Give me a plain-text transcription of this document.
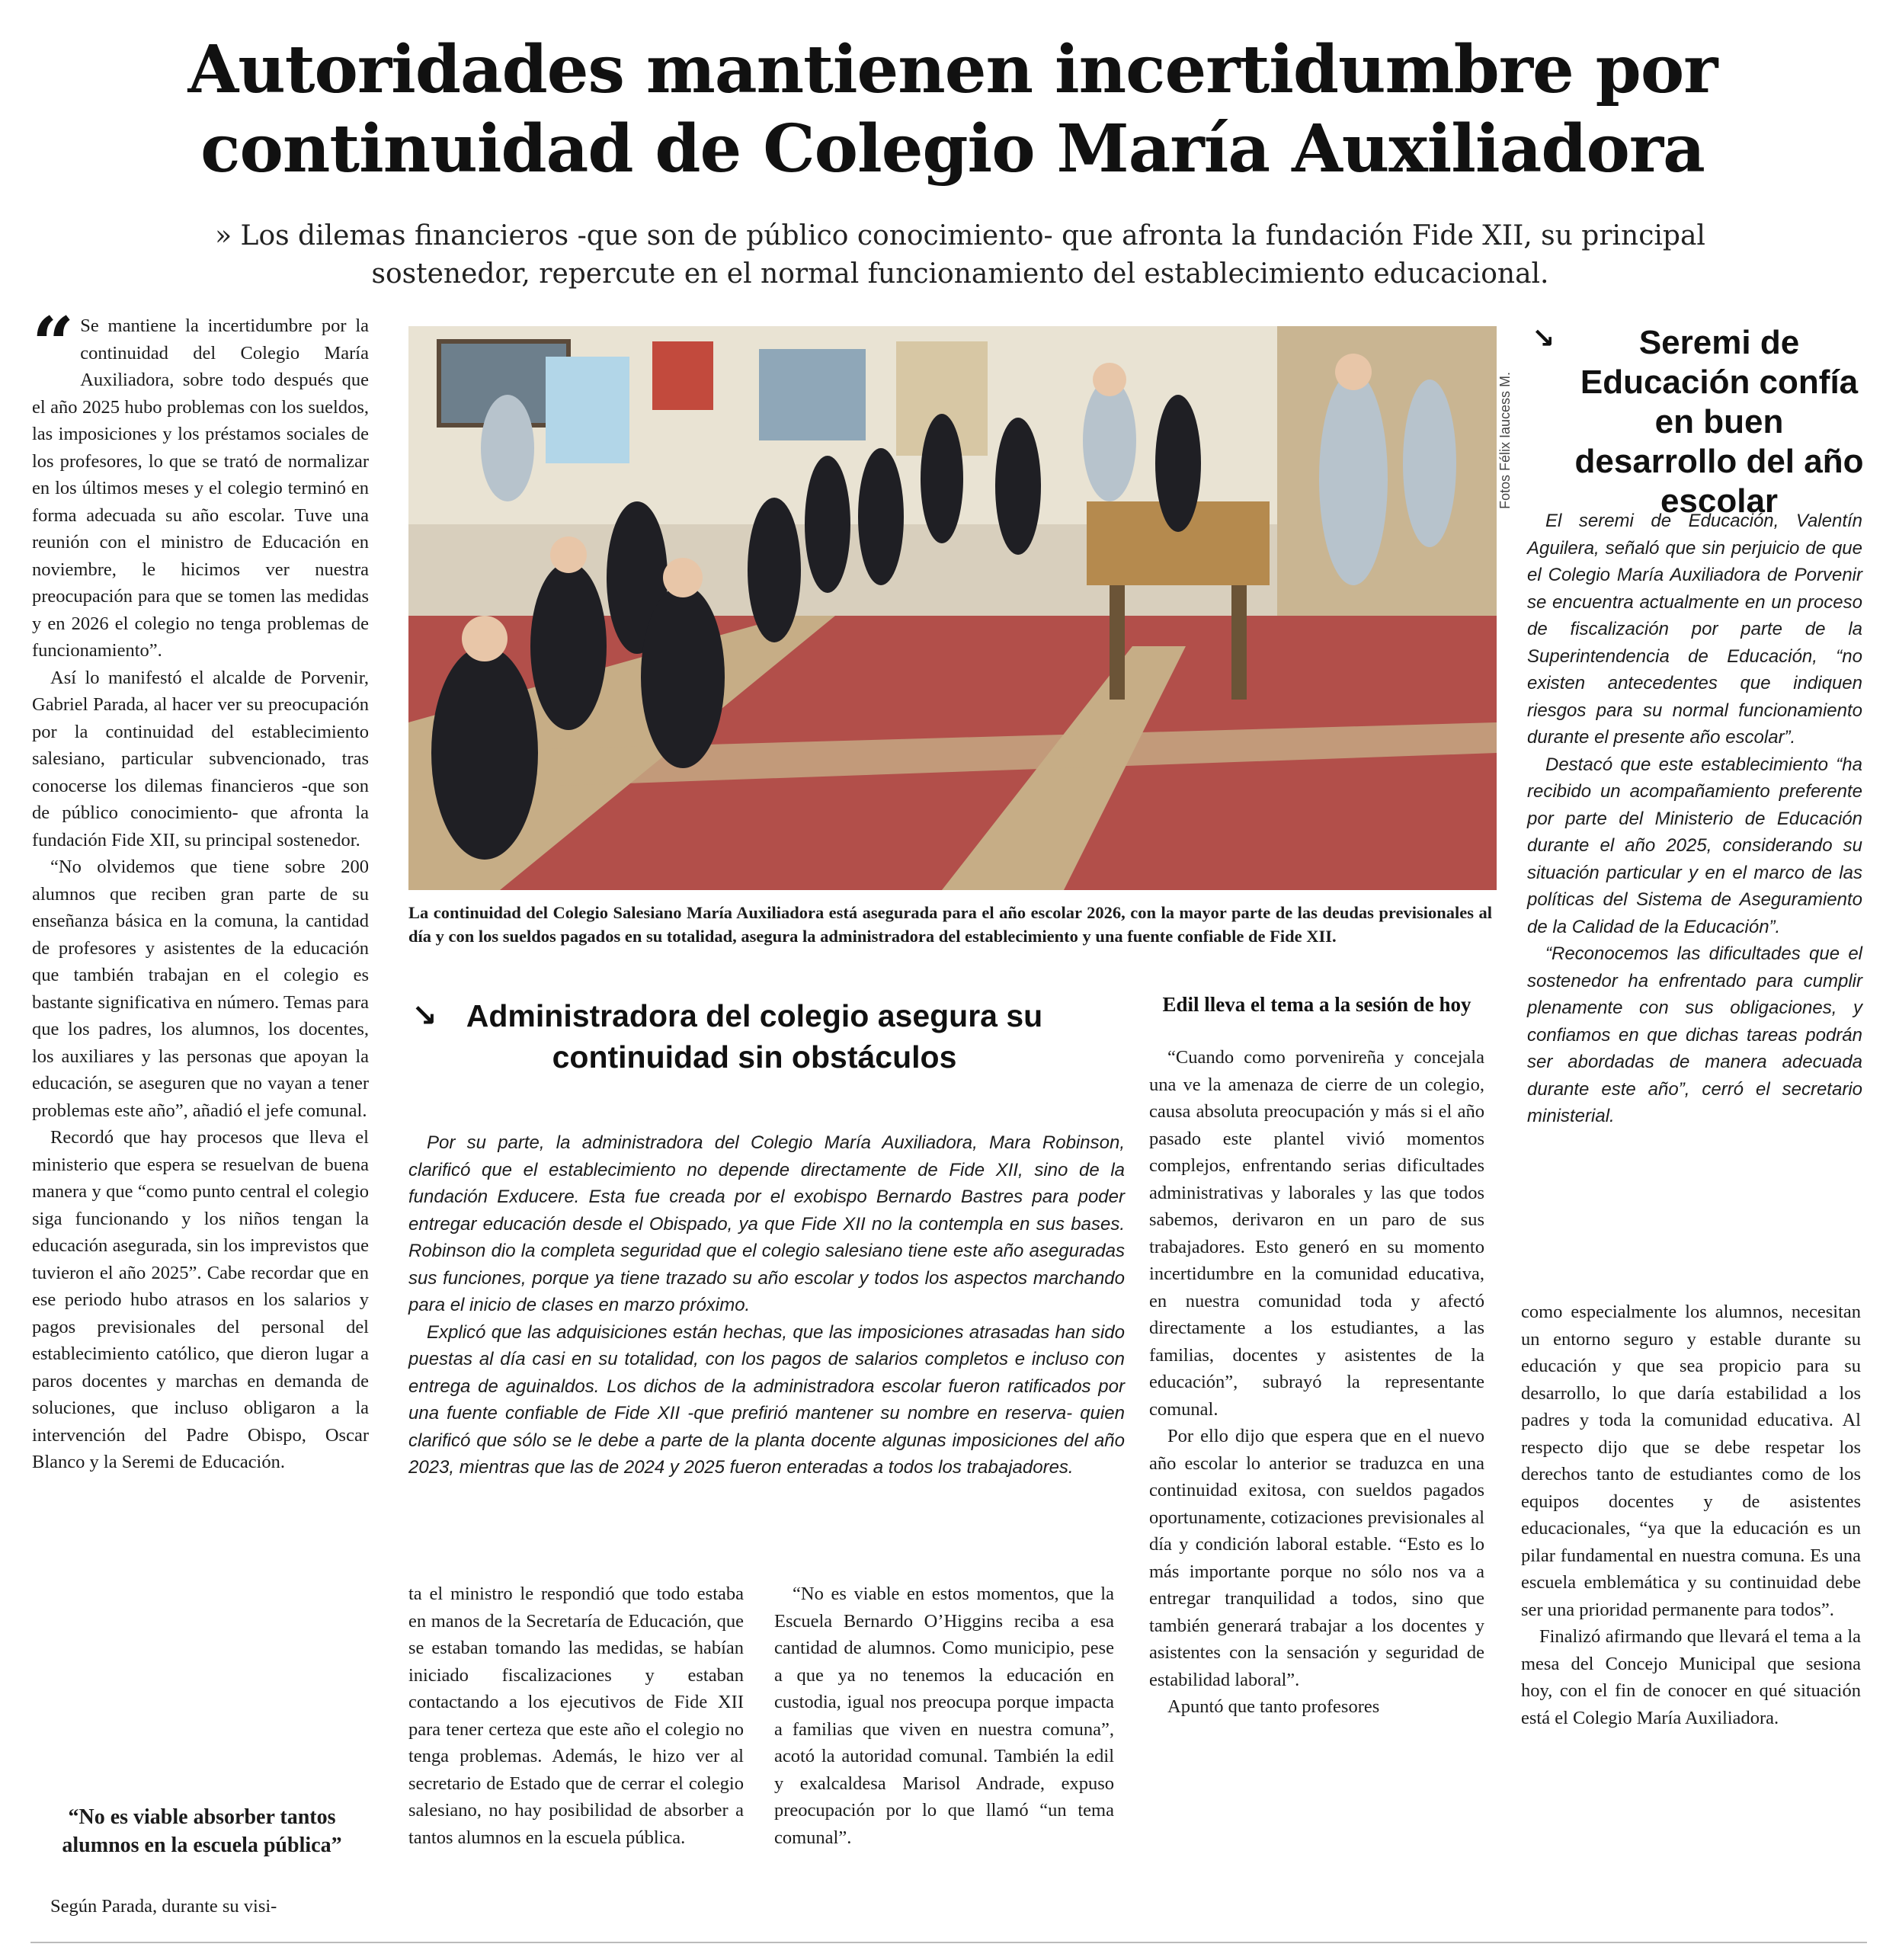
Autoridades mantienen incertidumbre por continuidad de Colegio María Auxiliadora

» Los dilemas financieros -que son de público conocimiento- que afronta la fundación Fide XII, su principal sostenedor, repercute en el normal funcionamiento del establecimiento educacional.

“ Se mantiene la incertidumbre por la continuidad del Colegio María Auxiliadora, sobre todo después que el año 2025 hubo problemas con los sueldos, las imposiciones y los préstamos sociales de los profesores, lo que se trató de normalizar en los últimos meses y el colegio terminó en forma adecuada su año escolar. Tuve una reunión con el ministro de Educación en noviembre, le hicimos ver nuestra preocupación para que se tomen las medidas y en 2026 el colegio no tenga problemas de funcionamiento”.

Así lo manifestó el alcalde de Porvenir, Gabriel Parada, al hacer ver su preocupación por la continuidad del establecimiento salesiano, particular subvencionado, tras conocerse los dilemas financieros -que son de público conocimiento- que afronta la fundación Fide XII, su principal sostenedor.

“No olvidemos que tiene sobre 200 alumnos que reciben gran parte de su enseñanza básica en la comuna, la cantidad de profesores y asistentes de la educación que también trabajan en el colegio es bastante significativa en número. Temas para que los padres, los alumnos, los docentes, los auxiliares y las personas que apoyan la educación, se aseguren que no vayan a tener problemas este año”, añadió el jefe comunal.

Recordó que hay procesos que lleva el ministerio que espera se resuelvan de buena manera y que “como punto central el colegio siga funcionando y los niños tengan la educación asegurada, sin los imprevistos que tuvieron el año 2025”. Cabe recordar que en ese periodo hubo atrasos en los salarios y pagos previsionales del personal del establecimiento católico, que dieron lugar a paros docentes y marchas en demanda de soluciones, que incluso obligaron a la intervención del Padre Obispo, Oscar Blanco y la Seremi de Educación.

“No es viable absorber tantos alumnos en la escuela pública”

Según Parada, durante su visi-

Fotos Félix Iaucess M.

La continuidad del Colegio Salesiano María Auxiliadora está asegurada para el año escolar 2026, con la mayor parte de las deudas previsionales al día y con los sueldos pagados en su totalidad, asegura la administradora del establecimiento y una fuente confiable de Fide XII.

↘ Administradora del colegio asegura su continuidad sin obstáculos

Por su parte, la administradora del Colegio María Auxiliadora, Mara Robinson, clarificó que el establecimiento no depende directamente de Fide XII, sino de la fundación Exducere. Esta fue creada por el exobispo Bernardo Bastres para poder entregar educación desde el Obispado, ya que Fide XII no la contempla en sus bases. Robinson dio la completa seguridad que el colegio salesiano tiene este año aseguradas sus funciones, porque ya tiene trazado su año escolar y todos los aspectos marchando para el inicio de clases en marzo próximo.

Explicó que las adquisiciones están hechas, que las imposiciones atrasadas han sido puestas al día casi en su totalidad, con los pagos de salarios completos e incluso con entrega de aguinaldos. Los dichos de la administradora escolar fueron ratificados por una fuente confiable de Fide XII -que prefirió mantener su nombre en reserva- quien clarificó que sólo se le debe a parte de la planta docente algunas imposiciones del año 2023, mientras que las de 2024 y 2025 fueron enteradas a todos los trabajadores.

ta el ministro le respondió que todo estaba en manos de la Secretaría de Educación, que se estaban tomando las medidas, se habían iniciado fiscalizaciones y estaban contactando a los ejecutivos de Fide XII para tener certeza que este año el colegio no tenga problemas. Además, le hizo ver al secretario de Estado que de cerrar el colegio salesiano, no hay posibilidad de absorber a tantos alumnos en la escuela pública.

“No es viable en estos momentos, que la Escuela Bernardo O’Higgins reciba a esa cantidad de alumnos. Como municipio, pese a que ya no tenemos la educación en custodia, igual nos preocupa porque impacta a familias que viven en nuestra comuna”, acotó la autoridad comunal. También la edil y exalcaldesa Marisol Andrade, expuso preocupación por lo que llamó “un tema comunal”.

Edil lleva el tema a la sesión de hoy

“Cuando como porvenireña y concejala una ve la amenaza de cierre de un colegio, causa absoluta preocupación y más si el año pasado este plantel vivió momentos complejos, enfrentando serias dificultades administrativas y laborales y las que todos sabemos, derivaron en un paro de sus trabajadores. Esto generó en su momento incertidumbre en la comunidad educativa, en nuestra comunidad toda y afectó directamente a los estudiantes, a las familias, docentes y asistentes de la educación”, subrayó la representante comunal.

Por ello dijo que espera que en el nuevo año escolar lo anterior se traduzca en una continuidad exitosa, con sueldos pagados oportunamente, cotizaciones previsionales al día y condición laboral estable. “Esto es lo más importante porque no sólo nos va a entregar tranquilidad a todos, sino que también generará trabajar a los docentes y asistentes con la sensación y seguridad de estabilidad laboral”.

Apuntó que tanto profesores

↘	Seremi de Educación confía en buen desarrollo del año escolar

El seremi de Educación, Valentín Aguilera, señaló que sin perjuicio de que el Colegio María Auxiliadora de Porvenir se encuentra actualmente en un proceso de fiscalización por parte de la Superintendencia de Educación, “no existen antecedentes que indiquen riesgos para su normal funcionamiento durante el presente año escolar”.

Destacó que este establecimiento “ha recibido un acompañamiento preferente por parte del Ministerio de Educación durante el año 2025, considerando su situación particular y en el marco de las políticas del Sistema de Aseguramiento de la Calidad de la Educación”.

“Reconocemos las dificultades que el sostenedor ha enfrentado para cumplir plenamente con sus obligaciones, y confiamos en que dichas tareas podrán ser abordadas de manera adecuada durante este año”, cerró el secretario ministerial.

como especialmente los alumnos, necesitan un entorno seguro y estable durante su educación y que sea propicio para su desarrollo, lo que daría estabilidad a los padres y toda la comunidad educativa. Al respecto dijo que se debe respetar los derechos tanto de estudiantes como de los equipos docentes y de asistentes educacionales, “ya que la educación es un pilar fundamental en nuestra comuna. Es una escuela emblemática y su continuidad debe ser una prioridad permanente para todos”.

Finalizó afirmando que llevará el tema a la mesa del Concejo Municipal que sesiona hoy, con el fin de conocer en qué situación está el Colegio María Auxiliadora.
